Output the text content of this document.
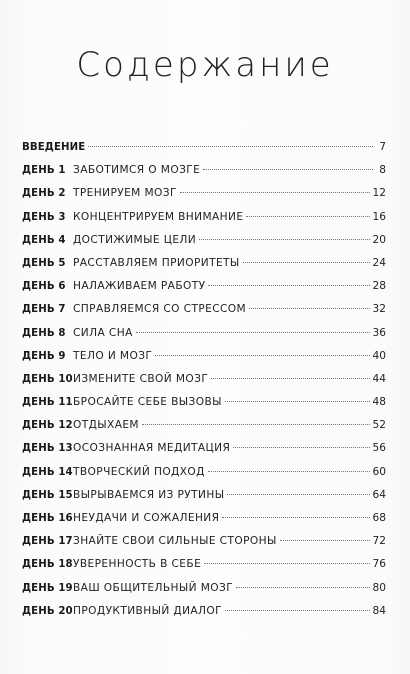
Содержание
ВВЕДЕНИЕ	7
ДЕНЬ 1 ЗАБОТИМСЯ О МОЗГЕ	8
ДЕНЬ 2 ТРЕНИРУЕМ МОЗГ	12
ДЕНЬ 3 КОНЦЕНТРИРУЕМ ВНИМАНИЕ	16
ДЕНЬ 4 ДОСТИЖИМЫЕ ЦЕЛИ	20
ДЕНЬ 5 РАССТАВЛЯЕМ ПРИОРИТЕТЫ	24
ДЕНЬ 6 НАЛАЖИВАЕМ РАБОТУ	28
ДЕНЬ 7 СПРАВЛЯЕМСЯ СО СТРЕССОМ	32
ДЕНЬ 8 СИЛА СНА	36
ДЕНЬ 9 ТЕЛО И МОЗГ	40
ДЕНЬ 10 ИЗМЕНИТЕ СВОЙ МОЗГ	44
ДЕНЬ 11 БРОСАЙТЕ СЕБЕ ВЫЗОВЫ	48
ДЕНЬ 12 ОТДЫХАЕМ	52
ДЕНЬ 13 ОСОЗНАННАЯ МЕДИТАЦИЯ	56
ДЕНЬ 14 ТВОРЧЕСКИЙ ПОДХОД	60
ДЕНЬ 15 ВЫРЫВАЕМСЯ ИЗ РУТИНЫ	64
ДЕНЬ 16 НЕУДАЧИ И СОЖАЛЕНИЯ	68
ДЕНЬ 17 ЗНАЙТЕ СВОИ СИЛЬНЫЕ СТОРОНЫ	72
ДЕНЬ 18 УВЕРЕННОСТЬ В СЕБЕ	76
ДЕНЬ 19 ВАШ ОБЩИТЕЛЬНЫЙ МОЗГ	80
ДЕНЬ 20 ПРОДУКТИВНЫЙ ДИАЛОГ	84
